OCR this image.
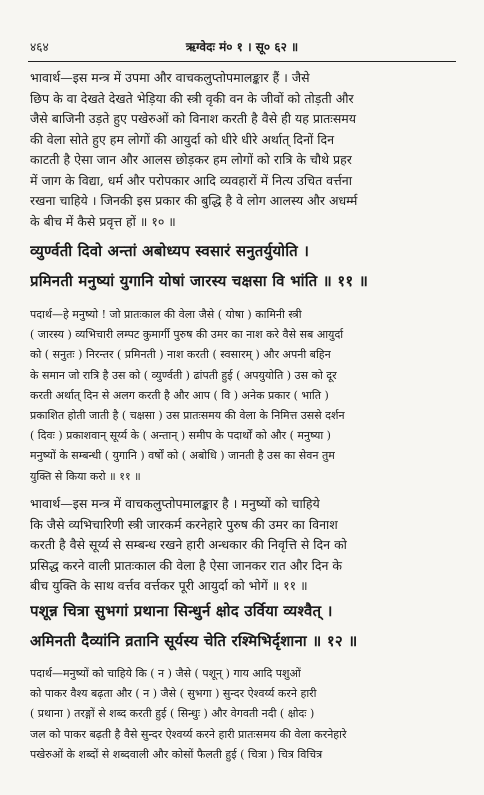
४६४	ऋग्वेदः मं० १ । सू० ६२ ॥
भावार्थ—इस मन्त्र में उपमा और वाचकलुप्तोपमालङ्कार हैं । जैसे
छिप के वा देखते देखते भेड़िया की स्त्री वृकी वन के जीवों को तोड़ती और
जैसे बाजिनी उड़ते हुए पखेरुओं को विनाश करती है वैसे ही यह प्रातःसमय
की वेला सोते हुए हम लोगों की आयुर्दा को धीरे धीरे अर्थात् दिनों दिन
काटती है ऐसा जान और आलस छोड़कर हम लोगों को रात्रि के चौथे प्रहर
में जाग के विद्या, धर्म और परोपकार आदि व्यवहारों में नित्य उचित वर्त्तना
रखना चाहिये । जिनकी इस प्रकार की बुद्धि है वे लोग आलस्य और अधर्म्म
के बीच में कैसे प्रवृत्त हों ॥ १० ॥
व्युर्ण्वती दिवो अन्तां अबोध्यप स्वसारं सनुतर्युयोति ।
प्रमिनती मनुष्यां युगानि योषां जारस्य चक्षसा वि भांति ॥ ११ ॥
पदार्थ—हे मनुष्यो ! जो प्रातःकाल की वेला जैसे ( योषा ) कामिनी स्त्री
( जारस्य ) व्यभिचारी लम्पट कुमार्गी पुरुष की उमर का नाश करे वैसे सब आयुर्दा
को ( सनुतः ) निरन्तर ( प्रमिनती ) नाश करती ( स्वसारम् ) और अपनी बहिन
के समान जो रात्रि है उस को ( व्युर्ण्वती ) ढांपती हुई ( अपयुयोति ) उस को दूर
करती अर्थात् दिन से अलग करती है और आप ( वि ) अनेक प्रकार ( भाति )
प्रकाशित होती जाती है ( चक्षसा ) उस प्रातःसमय की वेला के निमित्त उससे दर्शन
( दिवः ) प्रकाशवान् सूर्य्य के ( अन्तान् ) समीप के पदार्थों को और ( मनुष्या )
मनुष्यों के सम्बन्धी ( युगानि ) वर्षों को ( अबोधि ) जानती है उस का सेवन तुम
युक्ति से किया करो ॥ ११ ॥
भावार्थ—इस मन्त्र में वाचकलुप्तोपमालङ्कार है । मनुष्यों को चाहिये
कि जैसे व्यभिचारिणी स्त्री जारकर्म करनेहारे पुरुष की उमर का विनाश
करती है वैसे सूर्य्य से सम्बन्ध रखने हारी अन्धकार की निवृत्ति से दिन को
प्रसिद्ध करने वाली प्रातःकाल की वेला है ऐसा जानकर रात और दिन के
बीच युक्ति के साथ वर्त्तव वर्त्तकर पूरी आयुर्दा को भोगें ॥ ११ ॥
पशून्न चित्रा सुभगां प्रथाना सिन्धुर्न क्षोद उर्विया व्यश्वैत् ।
अमिनती दैव्यांनि व्रतानि सूर्यस्य चेति रश्मिभिर्दृशाना ॥ १२ ॥
पदार्थ—मनुष्यों को चाहिये कि ( न ) जैसे ( पशून् ) गाय आदि पशुओं
को पाकर वैश्य बढ़ता और ( न ) जैसे ( सुभगा ) सुन्दर ऐश्वर्य्य करने हारी
( प्रथाना ) तरङ्गों से शब्द करती हुई ( सिन्धुः ) और वेगवती नदी ( क्षोदः )
जल को पाकर बढ़ती है वैसे सुन्दर ऐश्वर्य्य करने हारी प्रातःसमय की वेला करनेहारे
पखेरुओं के शब्दों से शब्दवाली और कोसों फैलती हुई ( चित्रा ) चित्र विचित्र
